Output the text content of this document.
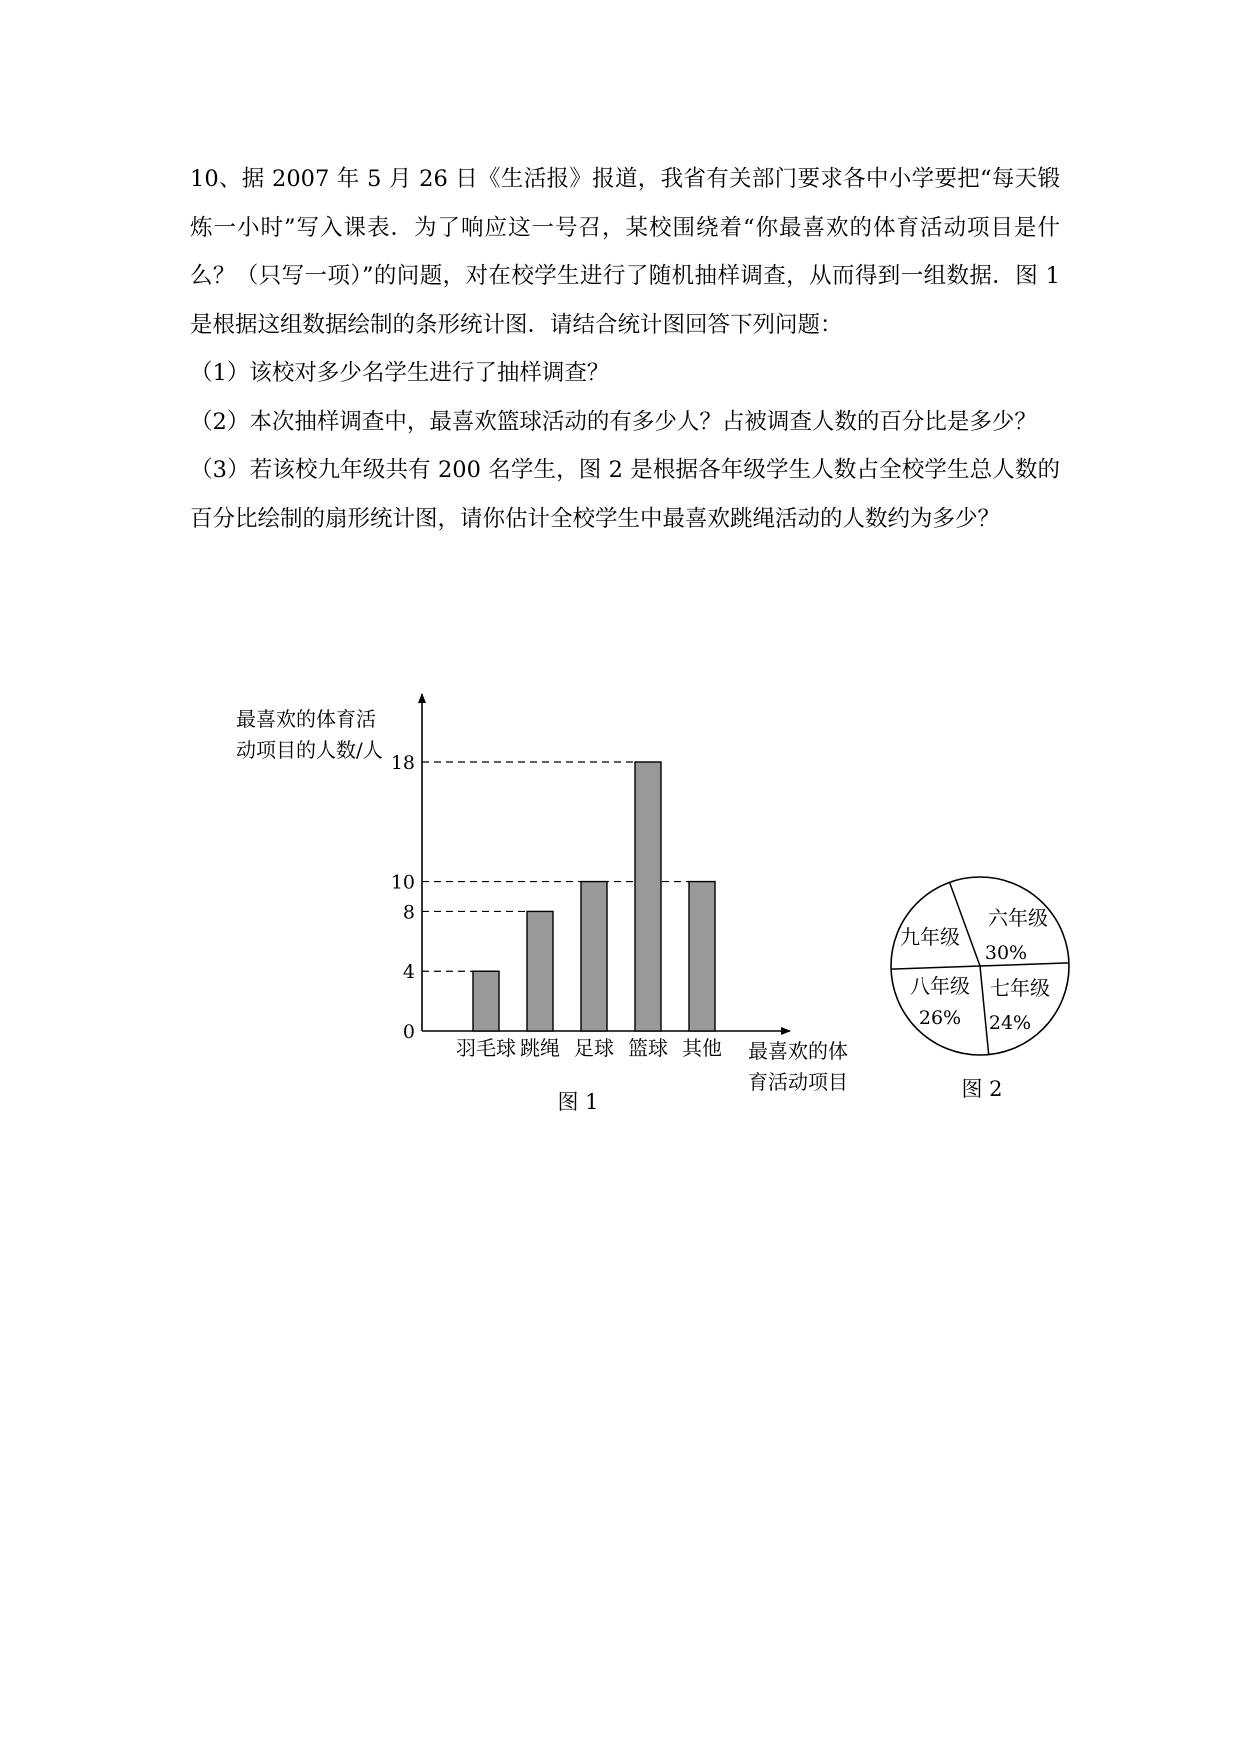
10、据 2007 年 5 月 26 日《生活报》报道，我省有关部门要求各中小学要把“每天锻炼一小时”写入课表．为了响应这一号召，某校围绕着“你最喜欢的体育活动项目是什么？（只写一项）”的问题，对在校学生进行了随机抽样调查，从而得到一组数据．图 1 是根据这组数据绘制的条形统计图．请结合统计图回答下列问题：

（1）该校对多少名学生进行了抽样调查？

（2）本次抽样调查中，最喜欢篮球活动的有多少人？占被调查人数的百分比是多少？

（3）若该校九年级共有 200 名学生，图 2 是根据各年级学生人数占全校学生总人数的百分比绘制的扇形统计图，请你估计全校学生中最喜欢跳绳活动的人数约为多少？

最喜欢的体育活
动项目的人数/人
0
4
8
10
18
羽毛球 跳绳 足球 篮球 其他 最喜欢的体
育活动项目
图 1
六年级
30%
九年级
八年级
26%
七年级
24%
图 2
